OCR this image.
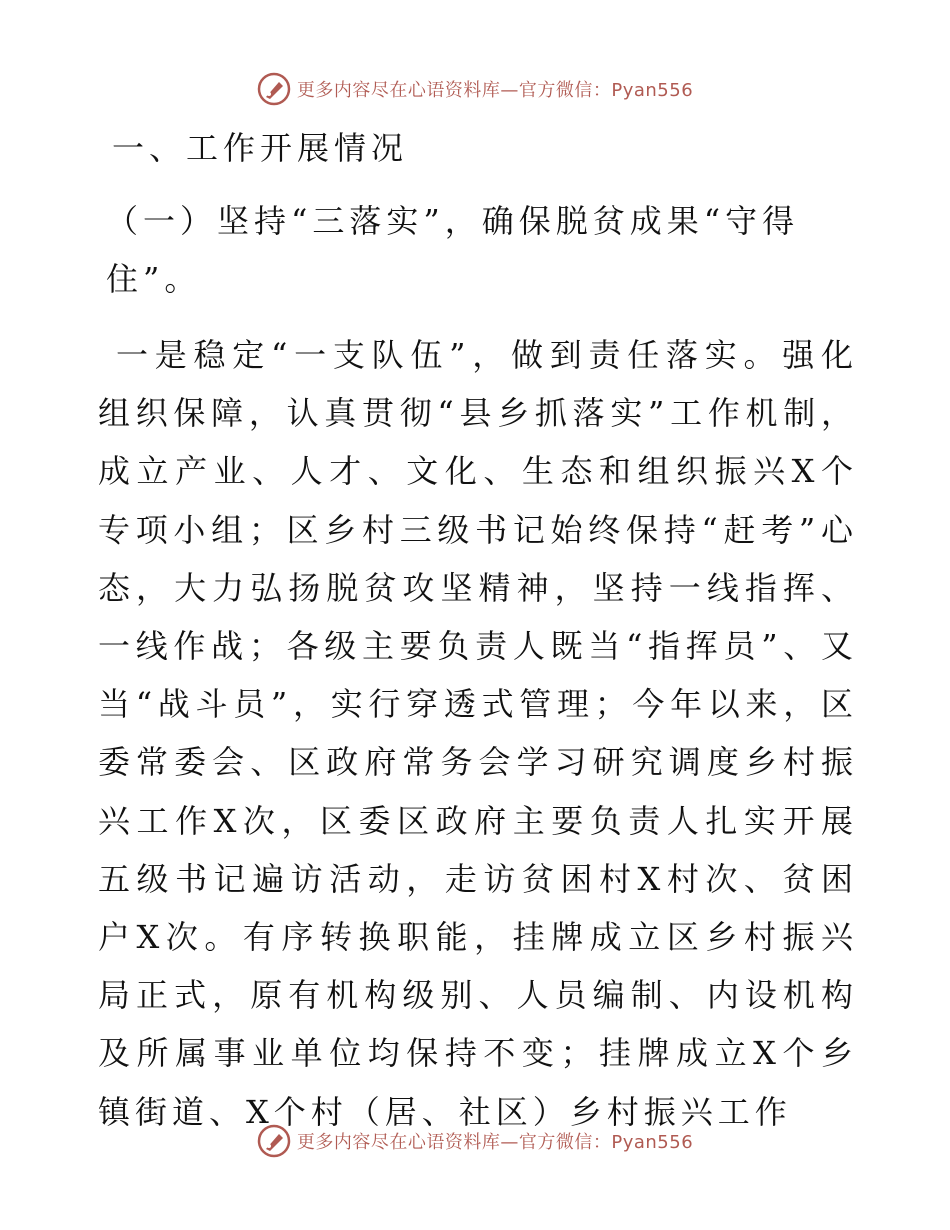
更多内容尽在心语资料库—官方微信：Pyan556
一、工作开展情况
（一）坚持“三落实”，确保脱贫成果“守得住”。

一是稳定“一支队伍”，做到责任落实。强化组织保障，认真贯彻“县乡抓落实”工作机制，成立产业、人才、文化、生态和组织振兴X个专项小组；区乡村三级书记始终保持“赶考”心态，大力弘扬脱贫攻坚精神，坚持一线指挥、一线作战；各级主要负责人既当“指挥员”、又当“战斗员”，实行穿透式管理；今年以来，区委常委会、区政府常务会学习研究调度乡村振兴工作X次，区委区政府主要负责人扎实开展五级书记遍访活动，走访贫困村X村次、贫困户X次。有序转换职能，挂牌成立区乡村振兴局正式，原有机构级别、人员编制、内设机构及所属事业单位均保持不变；挂牌成立X个乡镇街道、X个村（居、社区）乡村振兴工作

更多内容尽在心语资料库—官方微信：Pyan556
